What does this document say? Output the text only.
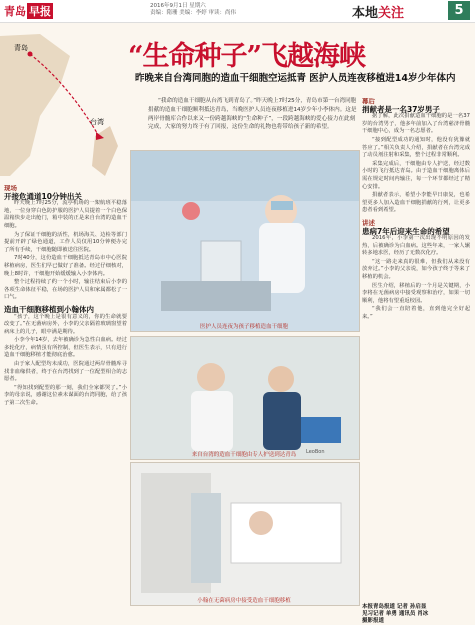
青岛 早报	2016年9月1日 星期六
责编：隋珊 美编：李婷 审读：尚伟	本地关注	5
青岛
台湾
“生命种子”飞越海峡
昨晚来自台湾同胞的造血干细胞空运抵青 医护人员连夜移植进14岁少年体内
“我命的造血干细胞从台湾飞到青岛了。”昨天晚上7时25分，青岛市第一台湾同胞捐献的造血干细胞顺利抵达青岛，当晚医护人员连夜移植进14岁少年小李体内。这是两岸骨髓库合作以来又一份跨越海峡的“生命种子”，一段跨越海峡的爱心接力在此刻完成，大家的努力终于有了回报，这份生命的礼物也将带给孩子新的希望。
现场
开接危通道10分钟出关

昨天晚上7时25分，流亭机场的一架航班平稳落地，一位身穿白色防护服的医护人员提着一个白色保温箱快步走出舱门，箱中装的正是来自台湾的造血干细胞。

为了保证干细胞的活性，机场海关、边检等部门提前开辟了绿色通道，工作人员仅用10分钟便办完了所有手续，干细胞随即被送往医院。

7时40分，这份造血干细胞抵达青岛市中心医院移植病房，医生们早已做好了准备。经过仔细核对，晚上8时许，干细胞开始缓缓输入小李体内。

整个过程持续了约一个小时，输注结束后小李的各项生命体征平稳，在场的医护人员和家属都松了一口气。

造血干细胞移植到小翰体内

“孩子，这个晚上是很有意义的，你的生命就要改变了。”在无菌病房外，小李的父亲隔着玻璃窗望着病床上的儿子，眼中满是期待。

小李今年14岁，去年被确诊为急性白血病。经过多轮化疗，病情虽有所控制，但医生表示，只有进行造血干细胞移植才能彻底治愈。

由于家人配型均未成功，医院通过两岸骨髓库寻找非血缘供者，终于在台湾找到了一位配型相合的志愿者。

“得知找到配型的那一刻，我们全家都哭了。”小李的母亲说，感谢这位素未谋面的台湾同胞，给了孩子第二次生命。

医护人员连夜为孩子移植造血干细胞
LeoBon
来自台湾的造血干细胞由专人护送到达青岛
小翰在无菌病房中接受造血干细胞移植
幕后
捐献者是一名37岁男子

据了解，此次捐献造血干细胞的是一名37岁的台湾男子，他多年前加入了台湾慈济骨髓干细胞中心，成为一名志愿者。

“接到配型成功的通知时，他没有犹豫就答应了。”相关负责人介绍，捐献者在台湾完成了动员剂注射和采集，整个过程非常顺利。

采集完成后，干细胞由专人护送，经过数小时的飞行抵达青岛。由于造血干细胞离体后需在规定时间内输注，每一个环节都经过了精心安排。

捐献者表示，希望小李能早日康复，也希望更多人加入造血干细胞捐献的行列，让更多患者看到希望。

讲述
患病7年后迎来生命的希望

2016年，小李第一次出现不明原因的发热，后被确诊为白血病。这些年来，一家人辗转多地求医，经历了无数次化疗。

“这一路走来真的很难，但我们从来没有放弃过。”小李的父亲说，如今孩子终于等来了移植的机会。

医生介绍，移植后的一个月是关键期，小李将在无菌病房中接受观察和治疗，如果一切顺利，他将有望重返校园。

“我们会一直陪着他，直到他完全好起来。”

本报青岛报道 记者 孙启显
见习记者 单勇 通讯员 肖冰
摄影报道
